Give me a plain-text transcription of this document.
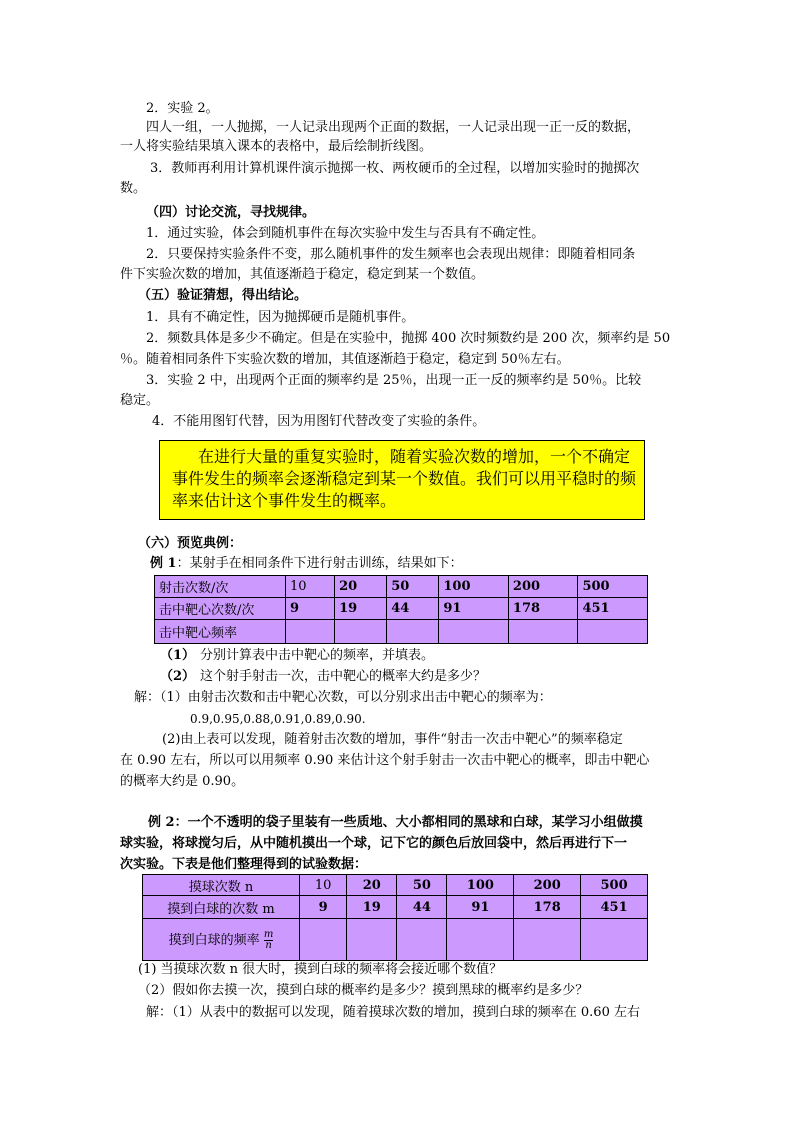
2．实验 2。
四人一组，一人抛掷，一人记录出现两个正面的数据，一人记录出现一正一反的数据，
一人将实验结果填入课本的表格中，最后绘制折线图。
3．教师再利用计算机课件演示抛掷一枚、两枚硬币的全过程，以增加实验时的抛掷次
数。
（四）讨论交流，寻找规律。
1．通过实验，体会到随机事件在每次实验中发生与否具有不确定性。
2．只要保持实验条件不变，那么随机事件的发生频率也会表现出规律：即随着相同条
件下实验次数的增加，其值逐渐趋于稳定，稳定到某一个数值。
（五）验证猜想，得出结论。
1．具有不确定性，因为抛掷硬币是随机事件。
2．频数具体是多少不确定。但是在实验中，抛掷 400 次时频数约是 200 次，频率约是 50
％。随着相同条件下实验次数的增加，其值逐渐趋于稳定，稳定到 50％左右。
3．实验 2 中，出现两个正面的频率约是 25％，出现一正一反的频率约是 50％。比较
稳定。
4．不能用图钉代替，因为用图钉代替改变了实验的条件。
在进行大量的重复实验时，随着实验次数的增加，一个不确定
事件发生的频率会逐渐稳定到某一个数值。我们可以用平稳时的频
率来估计这个事件发生的概率。
（六）预览典例：
例 1：某射手在相同条件下进行射击训练，结果如下：
射击次数/次	10	20	50	100	200	500
击中靶心次数/次	9	19	44	91	178	451
击中靶心频率						
（1） 分别计算表中击中靶心的频率，并填表。
（2） 这个射手射击一次，击中靶心的概率大约是多少？
解：（1）由射击次数和击中靶心次数，可以分别求出击中靶心的频率为：
0.9,0.95,0.88,0.91,0.89,0.90.
(2)由上表可以发现，随着射击次数的增加，事件“射击一次击中靶心”的频率稳定
在 0.90 左右，所以可以用频率 0.90 来估计这个射手射击一次击中靶心的概率，即击中靶心
的概率大约是 0.90。
例 2：一个不透明的袋子里装有一些质地、大小都相同的黑球和白球，某学习小组做摸
球实验，将球搅匀后，从中随机摸出一个球，记下它的颜色后放回袋中，然后再进行下一
次实验。下表是他们整理得到的试验数据：
摸球次数 n	10	20	50	100	200	500
摸到白球的次数 m	9	19	44	91	178	451
摸到白球的频率 $\frac{m}{n}$

(1) 当摸球次数 n 很大时，摸到白球的频率将会接近哪个数值？
（2）假如你去摸一次，摸到白球的概率约是多少？摸到黑球的概率约是多少？
解：（1）从表中的数据可以发现，随着摸球次数的增加，摸到白球的频率在 0.60 左右
